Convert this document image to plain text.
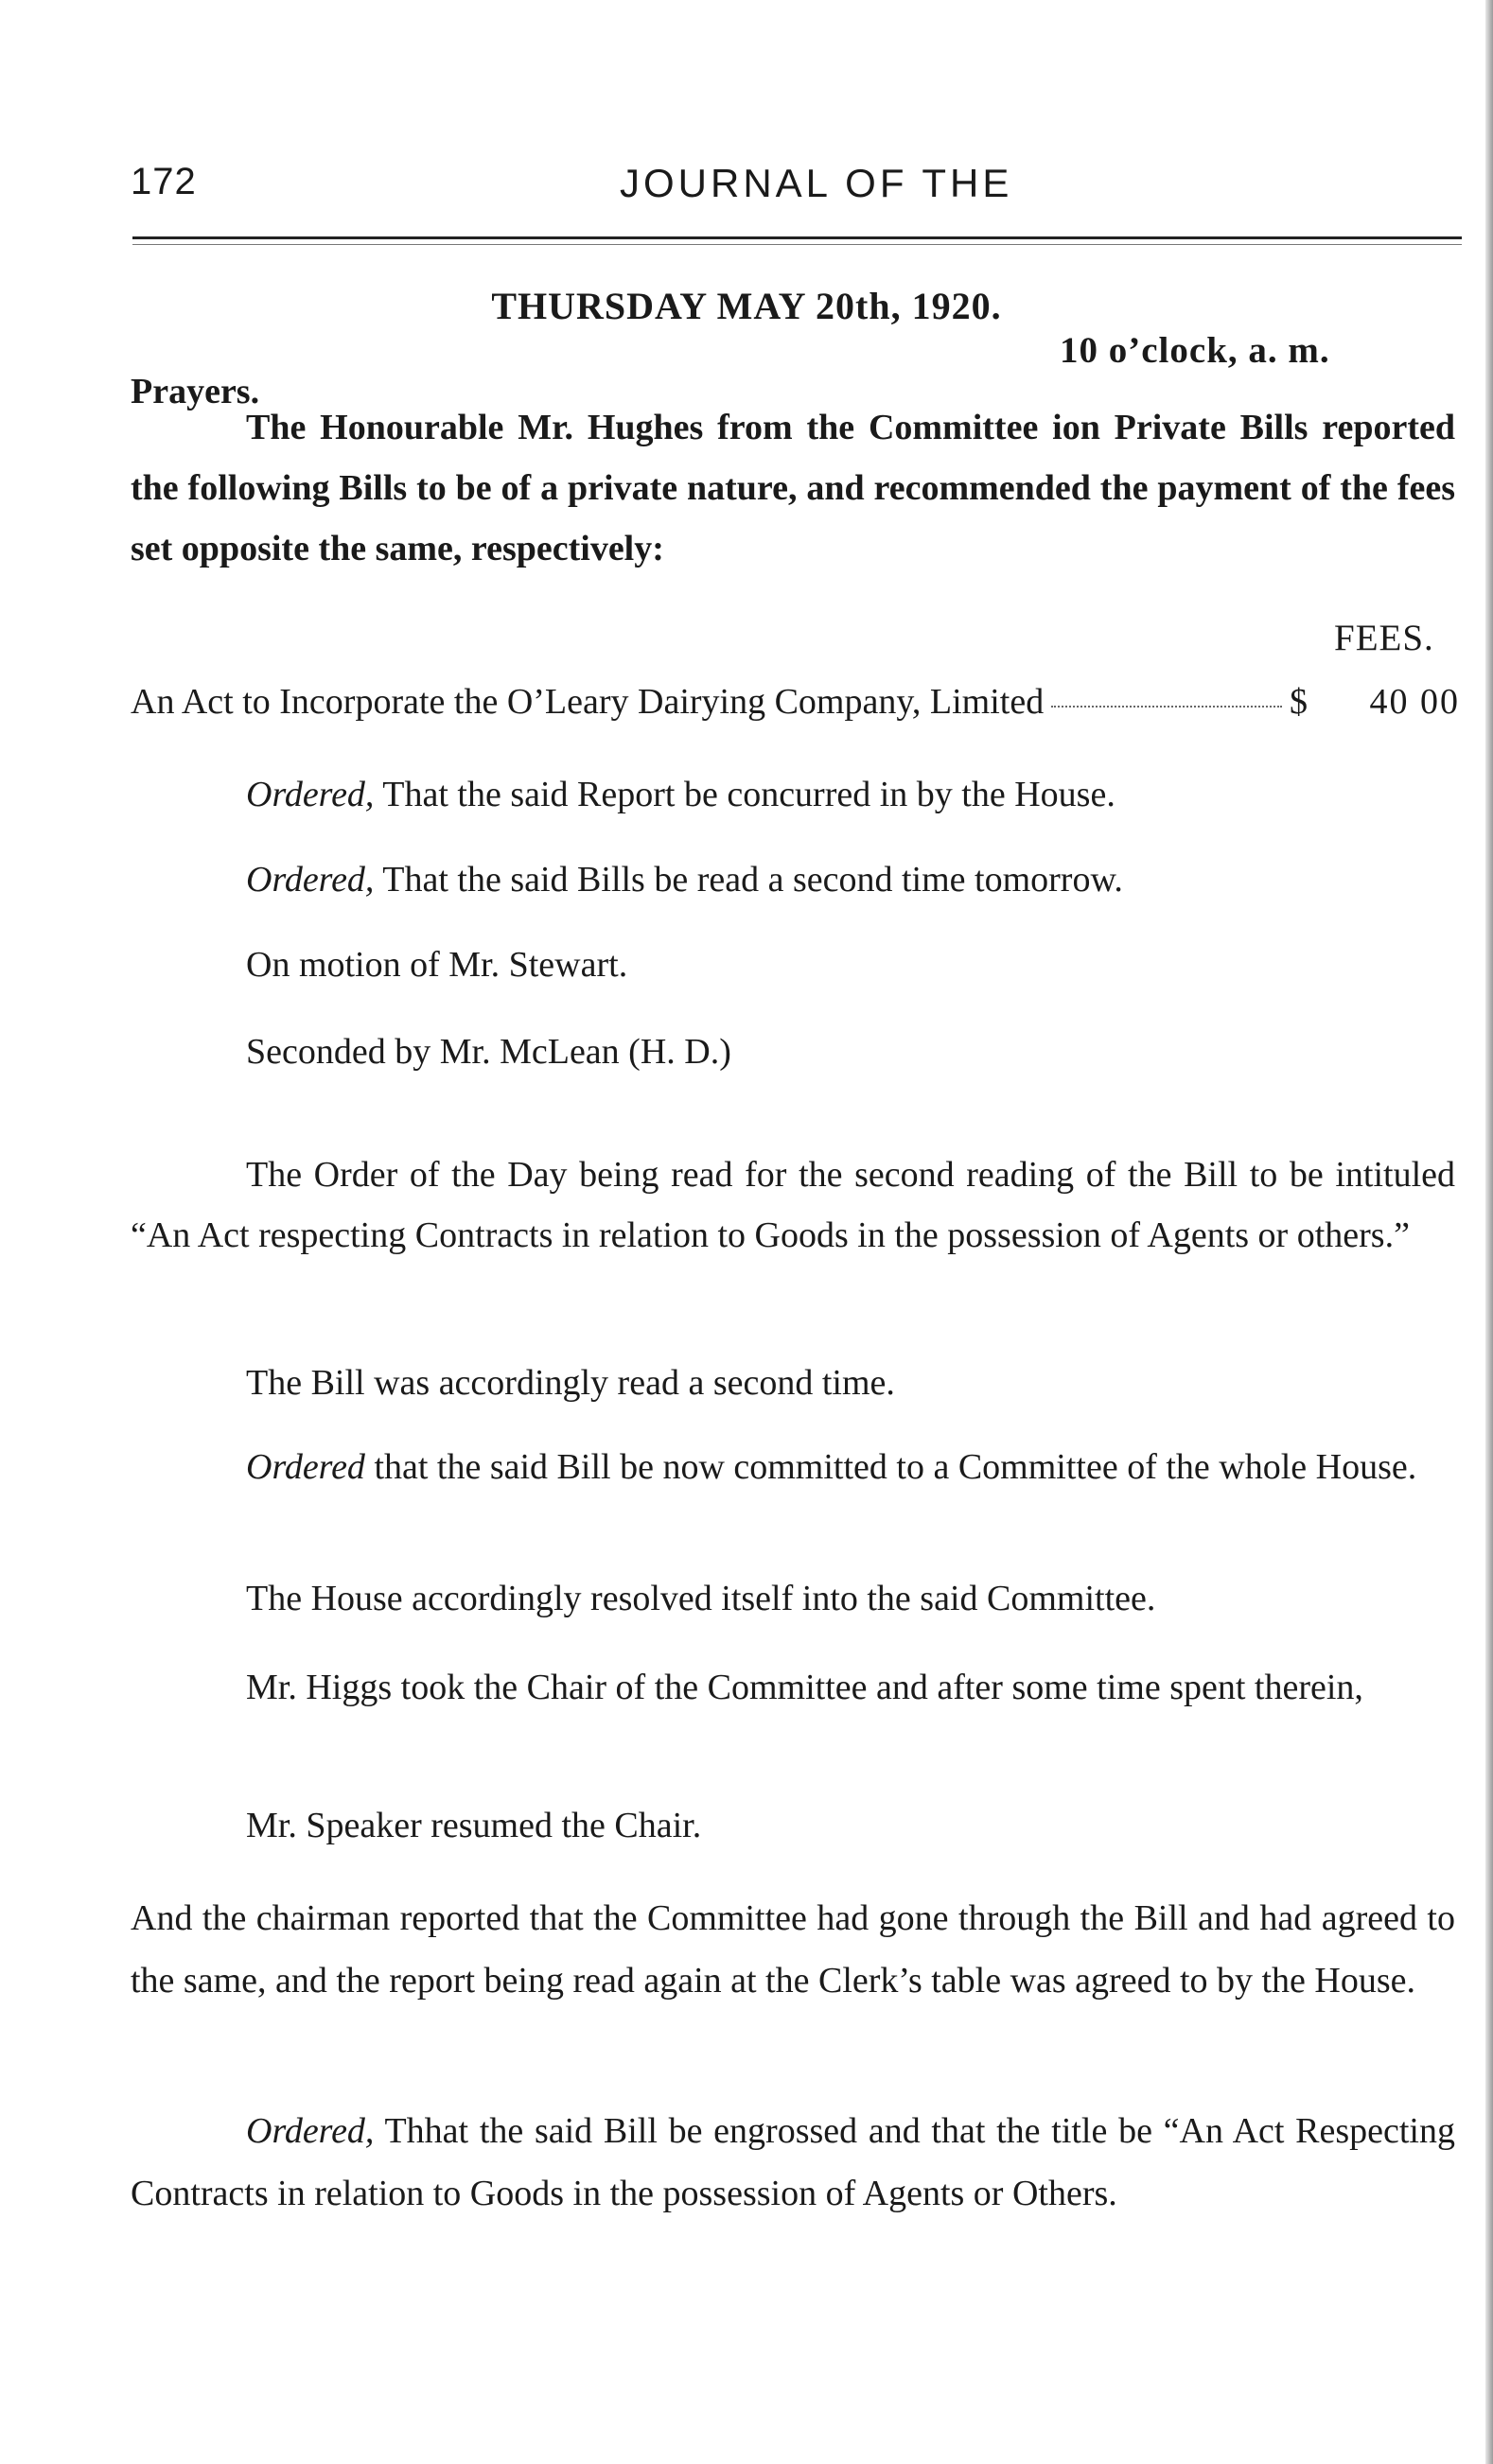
172	JOURNAL OF THE
THURSDAY MAY 20th, 1920.
10 o’clock, a. m.
Prayers.
The Honourable Mr. Hughes from the Committee ion Private Bills reported the following Bills to be of a private nature, and recommended the payment of the fees set opposite the same, respectively:
FEES.
An Act to Incorporate the O’Leary Dairying Company, Limited	$	40 00
Ordered, That the said Report be concurred in by the House.
Ordered, That the said Bills be read a second time tomorrow.
On motion of Mr. Stewart.
Seconded by Mr. McLean (H. D.)
The Order of the Day being read for the second reading of the Bill to be intituled “An Act respecting Contracts in relation to Goods in the possession of Agents or others.”
The Bill was accordingly read a second time.
Ordered that the said Bill be now committed to a Committee of the whole House.
The House accordingly resolved itself into the said Committee.
Mr. Higgs took the Chair of the Committee and after some time spent therein,
Mr. Speaker resumed the Chair.
And the chairman reported that the Committee had gone through the Bill and had agreed to the same, and the report being read again at the Clerk’s table was agreed to by the House.
Ordered, Thhat the said Bill be engrossed and that the title be “An Act Respecting Contracts in relation to Goods in the possession of Agents or Others.
